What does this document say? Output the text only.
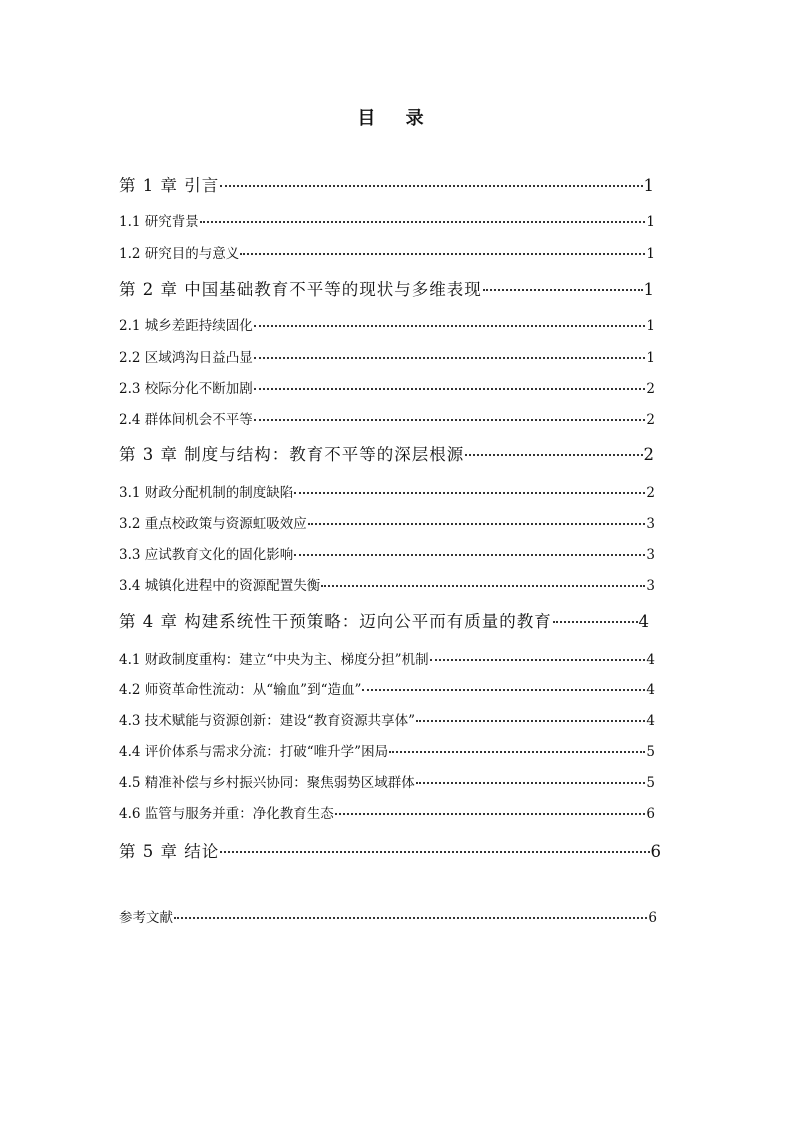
目 录
第 1 章 引言	1
1.1 研究背景	1
1.2 研究目的与意义	1
第 2 章 中国基础教育不平等的现状与多维表现	1
2.1 城乡差距持续固化	1
2.2 区域鸿沟日益凸显	1
2.3 校际分化不断加剧	2
2.4 群体间机会不平等	2
第 3 章 制度与结构：教育不平等的深层根源	2
3.1 财政分配机制的制度缺陷	2
3.2 重点校政策与资源虹吸效应	3
3.3 应试教育文化的固化影响	3
3.4 城镇化进程中的资源配置失衡	3
第 4 章 构建系统性干预策略：迈向公平而有质量的教育	4
4.1 财政制度重构：建立“中央为主、梯度分担”机制	4
4.2 师资革命性流动：从“输血”到“造血”	4
4.3 技术赋能与资源创新：建设“教育资源共享体”	4
4.4 评价体系与需求分流：打破“唯升学”困局	5
4.5 精准补偿与乡村振兴协同：聚焦弱势区域群体	5
4.6 监管与服务并重：净化教育生态	6
第 5 章 结论	6
参考文献	6
